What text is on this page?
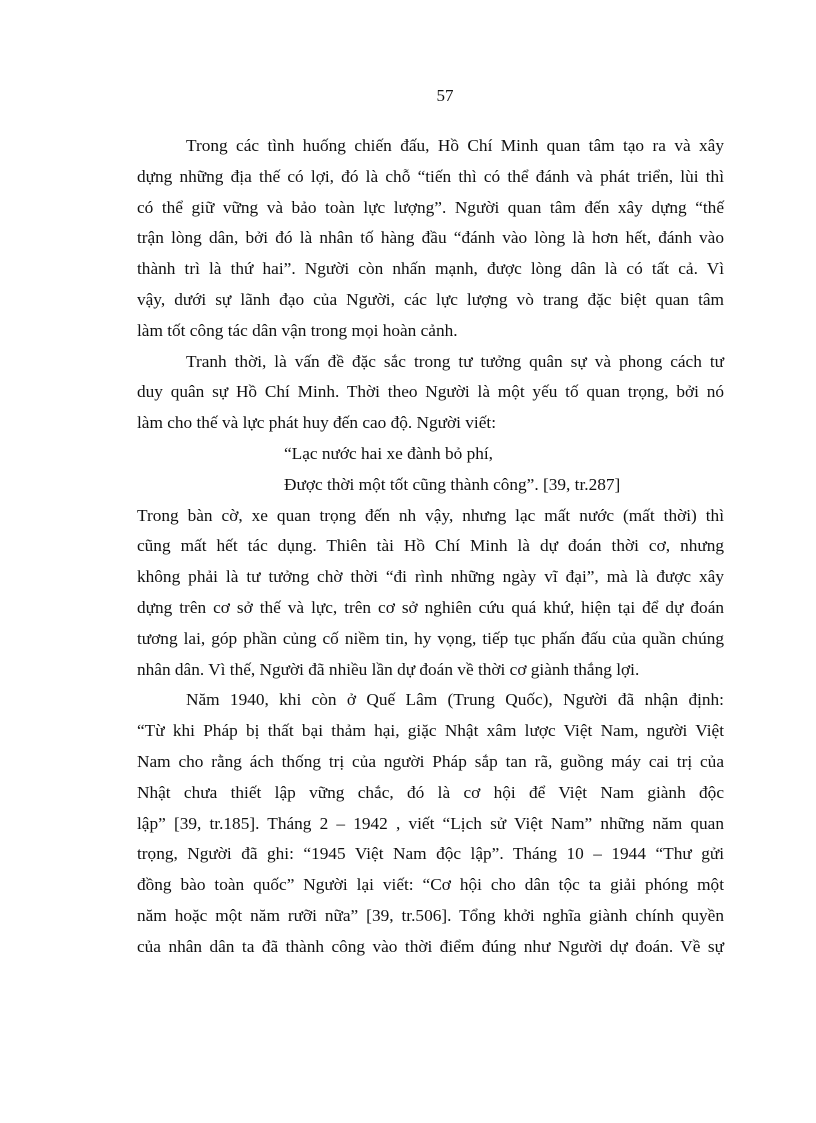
57
Trong các tình huống chiến đấu, Hồ Chí Minh quan tâm tạo ra và xây
dựng những địa thế có lợi, đó là chỗ “tiến thì có thể đánh và phát triển, lùi thì
có thể giữ vững và bảo toàn lực lượng”. Người quan tâm đến xây dựng “thế
trận lòng dân, bởi đó là nhân tố hàng đầu “đánh vào lòng là hơn hết, đánh vào
thành trì là thứ hai”. Người còn nhấn mạnh, được lòng dân là có tất cả. Vì
vậy, dưới sự lãnh đạo của Người, các lực lượng vò trang đặc biệt quan tâm
làm tốt công tác dân vận trong mọi hoàn cảnh.
Tranh thời, là vấn đề đặc sắc trong tư tưởng quân sự và phong cách tư
duy quân sự Hồ Chí Minh. Thời theo Người là một yếu tố quan trọng, bởi nó
làm cho thế và lực phát huy đến cao độ. Người viết:
“Lạc nước hai xe đành bỏ phí,
Được thời một tốt cũng thành công”. [39, tr.287]
Trong bàn cờ, xe quan trọng đến nh vậy, nhưng lạc mất nước (mất thời) thì
cũng mất hết tác dụng. Thiên tài Hồ Chí Minh là dự đoán thời cơ, nhưng
không phải là tư tưởng chờ thời “đi rình những ngày vĩ đại”, mà là được xây
dựng trên cơ sở thế và lực, trên cơ sở nghiên cứu quá khứ, hiện tại để dự đoán
tương lai, góp phần củng cố niềm tin, hy vọng, tiếp tục phấn đấu của quần chúng
nhân dân. Vì thế, Người đã nhiều lần dự đoán về thời cơ giành thắng lợi.
Năm 1940, khi còn ở Quế Lâm (Trung Quốc), Người đã nhận định:
“Từ khi Pháp bị thất bại thảm hại, giặc Nhật xâm lược Việt Nam, người Việt
Nam cho rằng ách thống trị của người Pháp sắp tan rã, guồng máy cai trị của
Nhật chưa thiết lập vững chắc, đó là cơ hội để Việt Nam giành độc
lập” [39, tr.185]. Tháng 2 – 1942 , viết “Lịch sử Việt Nam” những năm quan
trọng, Người đã ghi: “1945 Việt Nam độc lập”. Tháng 10 – 1944 “Thư gửi
đồng bào toàn quốc” Người lại viết: “Cơ hội cho dân tộc ta giải phóng một
năm hoặc một năm rưỡi nữa” [39, tr.506]. Tổng khởi nghĩa giành chính quyền
của nhân dân ta đã thành công vào thời điểm đúng như Người dự đoán. Về sự
